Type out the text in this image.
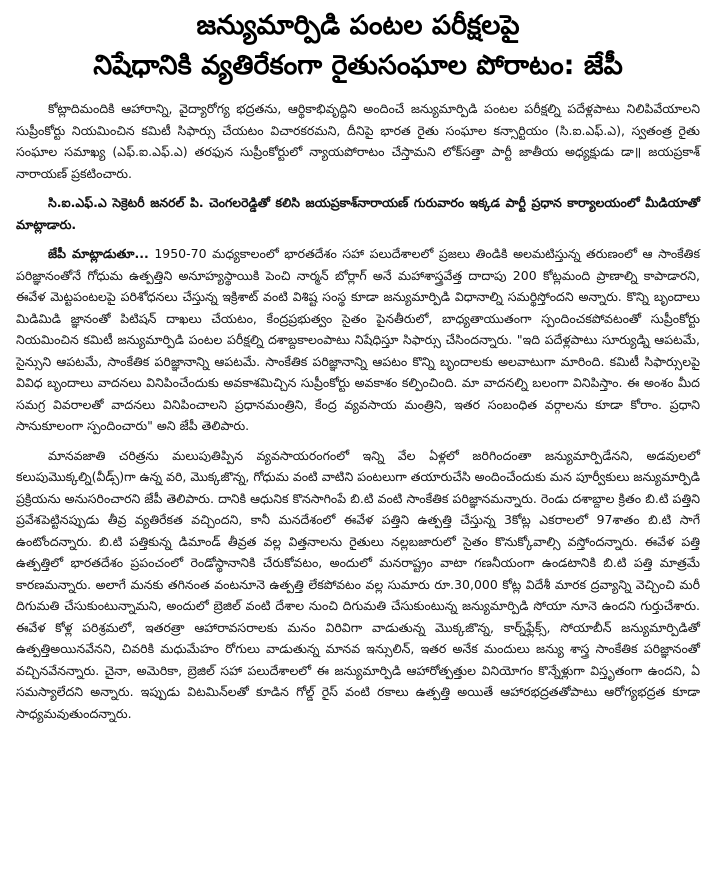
జన్యుమార్పిడి పంటల పరీక్షలపై
నిషేధానికి వ్యతిరేకంగా రైతుసంఘాల పోరాటం: జేపీ

కోట్లాదిమందికి ఆహారాన్ని, వైద్యారోగ్య భద్రతను, ఆర్థికాభివృద్ధిని అందించే జన్యుమార్పిడి పంటల పరీక్షల్ని పదేళ్లపాటు నిలిపివేయాలని సుప్రీంకోర్టు నియమించిన కమిటీ సిఫార్సు చేయటం విచారకరమని, దీనిపై భారత రైతు సంఘాల కన్సార్టియం (సి.ఐ.ఎఫ్.ఎ), స్వతంత్ర రైతు సంఘాల సమాఖ్య (ఎఫ్.ఐ.ఎఫ్.ఎ) తరఫున సుప్రీంకోర్టులో న్యాయపోరాటం చేస్తామని లోక్‌సత్తా పార్టీ జాతీయ అధ్యక్షుడు డా॥ జయప్రకాశ్ నారాయణ్ ప్రకటించారు.

సి.ఐ.ఎఫ్.ఎ సెక్రెటరీ జనరల్ పి. చెంగలరెడ్డితో కలిసి జయప్రకాశ్‌నారాయణ్ గురువారం ఇక్కడ పార్టీ ప్రధాన కార్యాలయంలో మీడియాతో మాట్లాడారు.

జేపీ మాట్లాడుతూ... 1950-70 మధ్యకాలంలో భారతదేశం సహా పలుదేశాలలో ప్రజలు తిండికి అలమటిస్తున్న తరుణంలో ఆ సాంకేతిక పరిజ్ఞానంతోనే గోధుమ ఉత్పత్తిని అనూహ్యస్థాయికి పెంచి నార్మన్ బోర్లాగ్ అనే మహాశాస్త్రవేత్త దాదాపు 200 కోట్లమంది ప్రాణాల్ని కాపాడారని, ఈవేళ మెట్టపంటలపై పరిశోధనలు చేస్తున్న ఇక్రిశాట్ వంటి విశిష్ట సంస్థ కూడా జన్యుమార్పిడి విధానాల్ని సమర్థిస్తోందని అన్నారు. కొన్ని బృందాలు మిడిమిడి జ్ఞానంతో పిటిషన్ దాఖలు చేయటం, కేంద్రప్రభుత్వం సైతం పైనతీరులో, బాధ్యతాయుతంగా స్పందించకపోవటంతో సుప్రీంకోర్టు నియమించిన కమిటీ జన్యుమార్పిడి పంటల పరీక్షల్ని దశాబ్దకాలంపాటు నిషేధిస్తూ సిఫార్సు చేసిందన్నారు. "ఇది పదేళ్లపాటు సూర్యుడ్ని ఆపటమే, సైన్సుని ఆపటమే, సాంకేతిక పరిజ్ఞానాన్ని ఆపటమే. సాంకేతిక పరిజ్ఞానాన్ని ఆపటం కొన్ని బృందాలకు అలవాటుగా మారింది. కమిటీ సిఫార్సులపై వివిధ బృందాలు వాదనలు వినిపించేందుకు అవకాశమిచ్చిన సుప్రీంకోర్టు అవకాశం కల్పించింది. మా వాదనల్ని బలంగా వినిపిస్తాం. ఈ అంశం మీద సమగ్ర వివరాలతో వాదనలు వినిపించాలని ప్రధానమంత్రిని, కేంద్ర వ్యవసాయ మంత్రిని, ఇతర సంబంధిత వర్గాలను కూడా కోరాం. ప్రధాని సానుకూలంగా స్పందించారు" అని జేపీ తెలిపారు.

మానవజాతి చరిత్రను మలుపుతిప్పిన వ్యవసాయరంగంలో ఇన్ని వేల ఏళ్లలో జరిగిందంతా జన్యుమార్పిడేనని, అడవులలో కలుపుమొక్కల్ని(వీడ్స్)గా ఉన్న వరి, మొక్కజొన్న, గోధుమ వంటి వాటిని పంటలుగా తయారుచేసి అందించేందుకు మన పూర్వీకులు జన్యుమార్పిడి ప్రక్రియను అనుసరించారని జేపీ తెలిపారు. దానికి ఆధునిక కొనసాగింపే బి.టి వంటి సాంకేతిక పరిజ్ఞానమన్నారు. రెండు దశాబ్దాల క్రితం బి.టి పత్తిని ప్రవేశపెట్టినప్పుడు తీవ్ర వ్యతిరేకత వచ్చిందని, కానీ మనదేశంలో ఈవేళ పత్తిని ఉత్పత్తి చేస్తున్న 3కోట్ల ఎకరాలలో 97శాతం బి.టి సాగే ఉంటోందన్నారు. బి.టి పత్తికున్న డిమాండ్ తీవ్రత వల్ల విత్తనాలను రైతులు నల్లబజారులో సైతం కొనుక్కోవాల్సి వస్తోందన్నారు. ఈవేళ పత్తి ఉత్పత్తిలో భారతదేశం ప్రపంచంలో రెండోస్థానానికి చేరుకోవటం, అందులో మనరాష్ట్రం వాటా గణనీయంగా ఉండటానికి బి.టి పత్తి మాత్రమే కారణమన్నారు. అలాగే మనకు తగినంత వంటనూనె ఉత్పత్తి లేకపోవటం వల్ల సుమారు రూ.30,000 కోట్ల విదేశీ మారక ద్రవ్యాన్ని వెచ్చించి మరీ దిగుమతి చేసుకుంటున్నామని, అందులో బ్రెజిల్ వంటి దేశాల నుంచి దిగుమతి చేసుకుంటున్న జన్యుమార్పిడి సోయా నూనె ఉందని గుర్తుచేశారు. ఈవేళ కోళ్ల పరిశ్రమలో, ఇతరత్రా ఆహారావసరాలకు మనం విరివిగా వాడుతున్న మొక్కజొన్న, కార్న్‌ఫ్లేక్స్, సోయాబీన్ జన్యుమార్పిడితో ఉత్పత్తిఅయినవేనని, చివరికి మధుమేహం రోగులు వాడుతున్న మానవ ఇన్సులిన్, ఇతర అనేక మందులు జన్యు శాస్త్ర సాంకేతిక పరిజ్ఞానంతో వచ్చినవేనన్నారు. చైనా, అమెరికా, బ్రెజిల్ సహా పలుదేశాలలో ఈ జన్యుమార్పిడి ఆహారోత్పత్తుల వినియోగం కొన్నేళ్లుగా విస్తృతంగా ఉందని, ఏ సమస్యాలేదని అన్నారు. ఇప్పుడు విటమిన్‌లతో కూడిన గోల్డ్ రైస్ వంటి రకాలు ఉత్పత్తి అయితే ఆహారభద్రతతోపాటు ఆరోగ్యభద్రత కూడా సాధ్యమవుతుందన్నారు.
